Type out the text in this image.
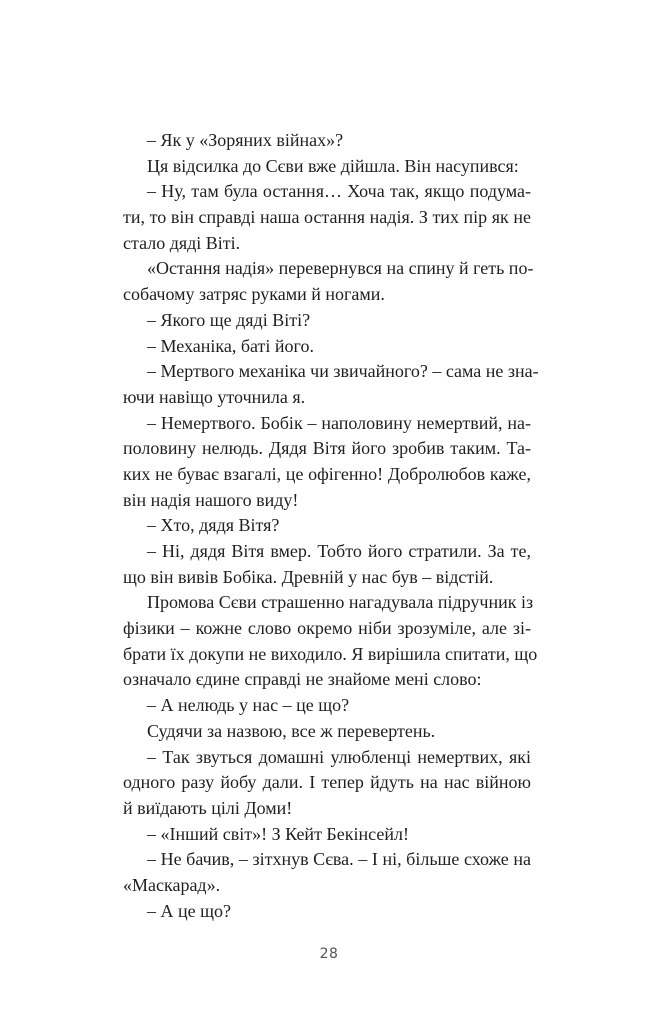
– Як у «Зоряних війнах»?
Ця відсилка до Сєви вже дійшла. Він насупився:
– Ну, там була остання… Хоча так, якщо подума-
ти, то він справді наша остання надія. З тих пір як не
стало дяді Віті.
«Остання надія» перевернувся на спину й геть по-
собачому затряс руками й ногами.
– Якого ще дяді Віті?
– Механіка, баті його.
– Мертвого механіка чи звичайного? – сама не зна-
ючи навіщо уточнила я.
– Немертвого. Бобік – наполовину немертвий, на-
половину нелюдь. Дядя Вітя його зробив таким. Та-
ких не буває взагалі, це офігенно! Добролюбов каже,
він надія нашого виду!
– Хто, дядя Вітя?
– Ні, дядя Вітя вмер. Тобто його стратили. За те,
що він вивів Бобіка. Древній у нас був – відстій.
Промова Сєви страшенно нагадувала підручник із
фізики – кожне слово окремо ніби зрозуміле, але зі-
брати їх докупи не виходило. Я вирішила спитати, що
означало єдине справді не знайоме мені слово:
– А нелюдь у нас – це що?
Судячи за назвою, все ж перевертень.
– Так звуться домашні улюбленці немертвих, які
одного разу йобу дали. І тепер йдуть на нас війною
й виїдають цілі Доми!
– «Інший світ»! З Кейт Бекінсейл!
– Не бачив, – зітхнув Сєва. – І ні, більше схоже на
«Маскарад».
– А це що?
28
